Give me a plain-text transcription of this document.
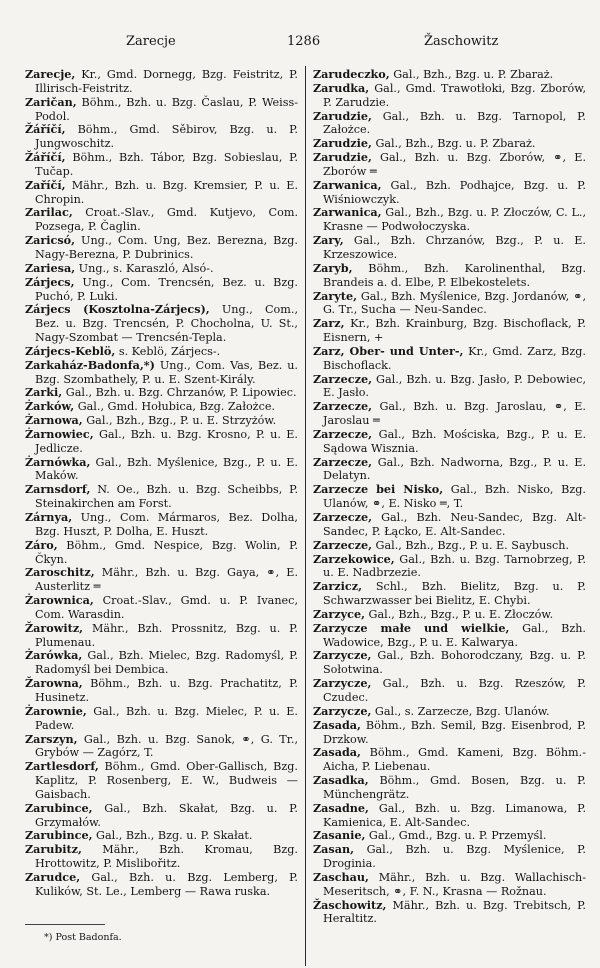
Zarecje	1286	Žaschowitz

Zarecje, Kr., Gmd. Dornegg, Bzg. Feistritz, P. Illirisch-Feistritz.

Zaričan, Böhm., Bzh. u. Bzg. Časlau, P. Weiss-Podol.

Žáříčí, Böhm., Gmd. Sěbirov, Bzg. u. P. Jungwoschitz.

Žáříčí, Böhm., Bzh. Tábor, Bzg. Sobieslau, P. Tučap.

Zaříčí, Mähr., Bzh. u. Bzg. Kremsier, P. u. E. Chropin.

Zarilac, Croat.-Slav., Gmd. Kutjevo, Com. Pozsega, P. Čaglin.

Zaricsó, Ung., Com. Ung, Bez. Berezna, Bzg. Nagy-Berezna, P. Dubrinics.

Zariesa, Ung., s. Karaszló, Alsó-.

Zárjecs, Ung., Com. Trencsén, Bez. u. Bzg. Puchó, P. Luki.

Zárjecs (Kosztolna-Zárjecs), Ung., Com., Bez. u. Bzg. Trencsén, P. Chocholna, U. St., Nagy-Szombat — Trencsén-Tepla.

Zárjecs-Keblö, s. Keblö, Zárjecs-.

Zarkaház-Badonfa,*) Ung., Com. Vas, Bez. u. Bzg. Szombathely, P. u. E. Szent-Király.

Zarki, Gal., Bzh. u. Bzg. Chrzanów, P. Lipowiec.

Żarków, Gal., Gmd. Hołubica, Bzg. Założce.

Żarnowa, Gal., Bzh., Bzg., P. u. E. Strzyżów.

Żarnowiec, Gal., Bzh. u. Bzg. Krosno, P. u. E. Jedlicze.

Żarnówka, Gal., Bzh. Myślenice, Bzg., P. u. E. Maków.

Zarnsdorf, N. Oe., Bzh. u. Bzg. Scheibbs, P. Steinakirchen am Forst.

Zárnya, Ung., Com. Mármaros, Bez. Dolha, Bzg. Huszt, P. Dolha, E. Huszt.

Záro, Böhm., Gmd. Nespice, Bzg. Wolin, P. Čkyn.

Zaroschitz, Mähr., Bzh. u. Bzg. Gaya, ⚭, E. Austerlitz ═

Żarownica, Croat.-Slav., Gmd. u. P. Ivanec, Com. Warasdin.

Žarowitz, Mähr., Bzh. Prossnitz, Bzg. u. P. Plumenau.

Żarówka, Gal., Bzh. Mielec, Bzg. Radomyśl, P. Radomyśl bei Dembica.

Žarowna, Böhm., Bzh. u. Bzg. Prachatitz, P. Husinetz.

Żarownie, Gal., Bzh. u. Bzg. Mielec, P. u. E. Padew.

Zarszyn, Gal., Bzh. u. Bzg. Sanok, ⚭, G. Tr., Grybów — Zagórz, T.

Zartlesdorf, Böhm., Gmd. Ober-Gallisch, Bzg. Kaplitz, P. Rosenberg, E. W., Budweis — Gaisbach.

Zarubince, Gal., Bzh. Skałat, Bzg. u. P. Grzymałów.

Zarubince, Gal., Bzh., Bzg. u. P. Skałat.

Zarubitz, Mähr., Bzh. Kromau, Bzg. Hrottowitz, P. Mislibořitz.

Zarudce, Gal., Bzh. u. Bzg. Lemberg, P. Kulików, St. Le., Lemberg — Rawa ruska.

Zarudeczko, Gal., Bzh., Bzg. u. P. Zbaraż.

Zarudka, Gal., Gmd. Trawotłoki, Bzg. Zborów, P. Zarudzie.

Zarudzie, Gal., Bzh. u. Bzg. Tarnopol, P. Założce.

Zarudzie, Gal., Bzh., Bzg. u. P. Zbaraż.

Zarudzie, Gal., Bzh. u. Bzg. Zborów, ⚭, E. Zborów ═

Zarwanica, Gal., Bzh. Podhajce, Bzg. u. P. Wiśniowczyk.

Zarwanica, Gal., Bzh., Bzg. u. P. Złoczów, C. L., Krasne — Podwołoczyska.

Zary, Gal., Bzh. Chrzanów, Bzg., P. u. E. Krzeszowice.

Zaryb, Böhm., Bzh. Karolinenthal, Bzg. Brandeis a. d. Elbe, P. Elbekostelets.

Zaryte, Gal., Bzh. Myślenice, Bzg. Jordanów, ⚭, G. Tr., Sucha — Neu-Sandec.

Zarz, Kr., Bzh. Krainburg, Bzg. Bischoflack, P. Eisnern, +

Zarz, Ober- und Unter-, Kr., Gmd. Zarz, Bzg. Bischoflack.

Zarzecze, Gal., Bzh. u. Bzg. Jasło, P. Debowiec, E. Jasło.

Zarzecze, Gal., Bzh. u. Bzg. Jaroslau, ⚭, E. Jaroslau ═

Zarzecze, Gal., Bzh. Mościska, Bzg., P. u. E. Sądowa Wisznia.

Zarzecze, Gal., Bzh. Nadworna, Bzg., P. u. E. Delatyn.

Zarzecze bei Nisko, Gal., Bzh. Nisko, Bzg. Ulanów, ⚭, E. Nisko ═, T.

Zarzecze, Gal., Bzh. Neu-Sandec, Bzg. Alt-Sandec, P. Łącko, E. Alt-Sandec.

Zarzecze, Gal., Bzh., Bzg., P. u. E. Saybusch.

Zarzekowice, Gal., Bzh. u. Bzg. Tarnobrzeg, P. u. E. Nadbrzezie.

Zarzicz, Schl., Bzh. Bielitz, Bzg. u. P. Schwarzwasser bei Bielitz, E. Chybi.

Zarzyce, Gal., Bzh., Bzg., P. u. E. Złoczów.

Zarzycze małe und wielkie, Gal., Bzh. Wadowice, Bzg., P. u. E. Kalwarya.

Zarzycze, Gal., Bzh. Bohorodczany, Bzg. u. P. Sołotwina.

Zarzycze, Gal., Bzh. u. Bzg. Rzeszów, P. Czudec.

Zarzycze, Gal., s. Zarzecze, Bzg. Ulanów.

Zasada, Böhm., Bzh. Semil, Bzg. Eisenbrod, P. Drzkow.

Zasada, Böhm., Gmd. Kameni, Bzg. Böhm.-Aicha, P. Liebenau.

Zasadka, Böhm., Gmd. Bosen, Bzg. u. P. Münchengrätz.

Zasadne, Gal., Bzh. u. Bzg. Limanowa, P. Kamienica, E. Alt-Sandec.

Zasanie, Gal., Gmd., Bzg. u. P. Przemyśl.

Zasan, Gal., Bzh. u. Bzg. Myślenice, P. Droginia.

Zaschau, Mähr., Bzh. u. Bzg. Wallachisch-Meseritsch, ⚭, F. N., Krasna — Rožnau.

Žaschowitz, Mähr., Bzh. u. Bzg. Trebitsch, P. Heraltitz.

*) Post Badonfa.
